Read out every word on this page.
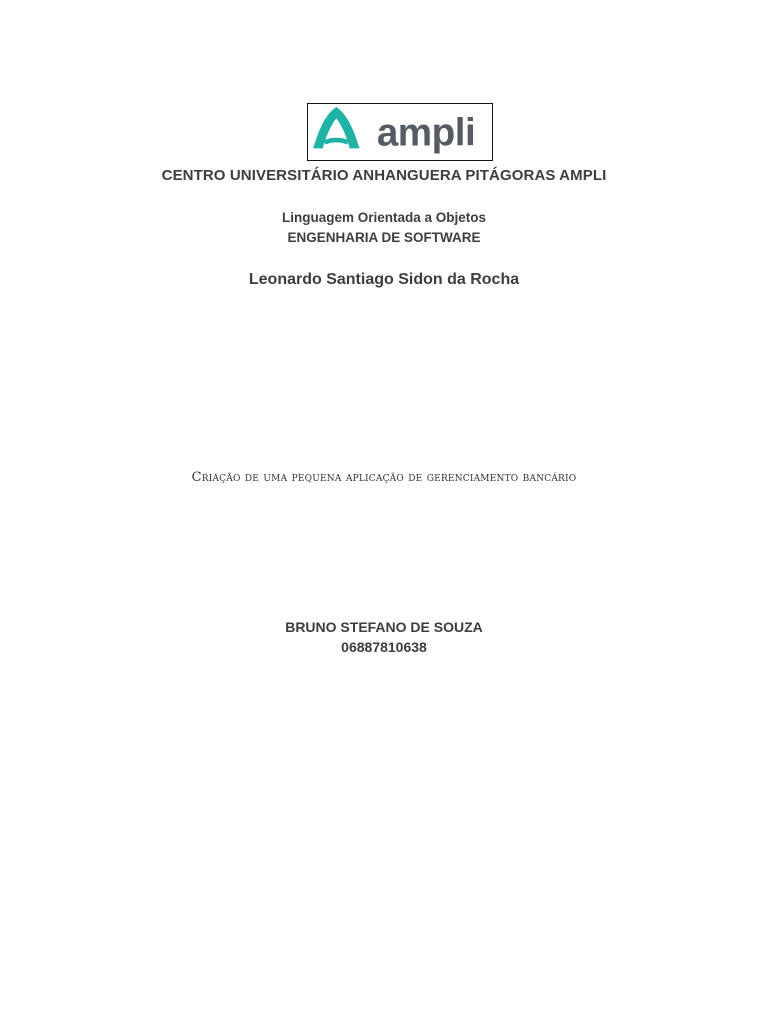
ampli
CENTRO UNIVERSITÁRIO ANHANGUERA PITÁGORAS AMPLI
Linguagem Orientada a Objetos
ENGENHARIA DE SOFTWARE
Leonardo Santiago Sidon da Rocha
Criação de uma pequena aplicação de gerenciamento bancário
BRUNO STEFANO DE SOUZA
06887810638
